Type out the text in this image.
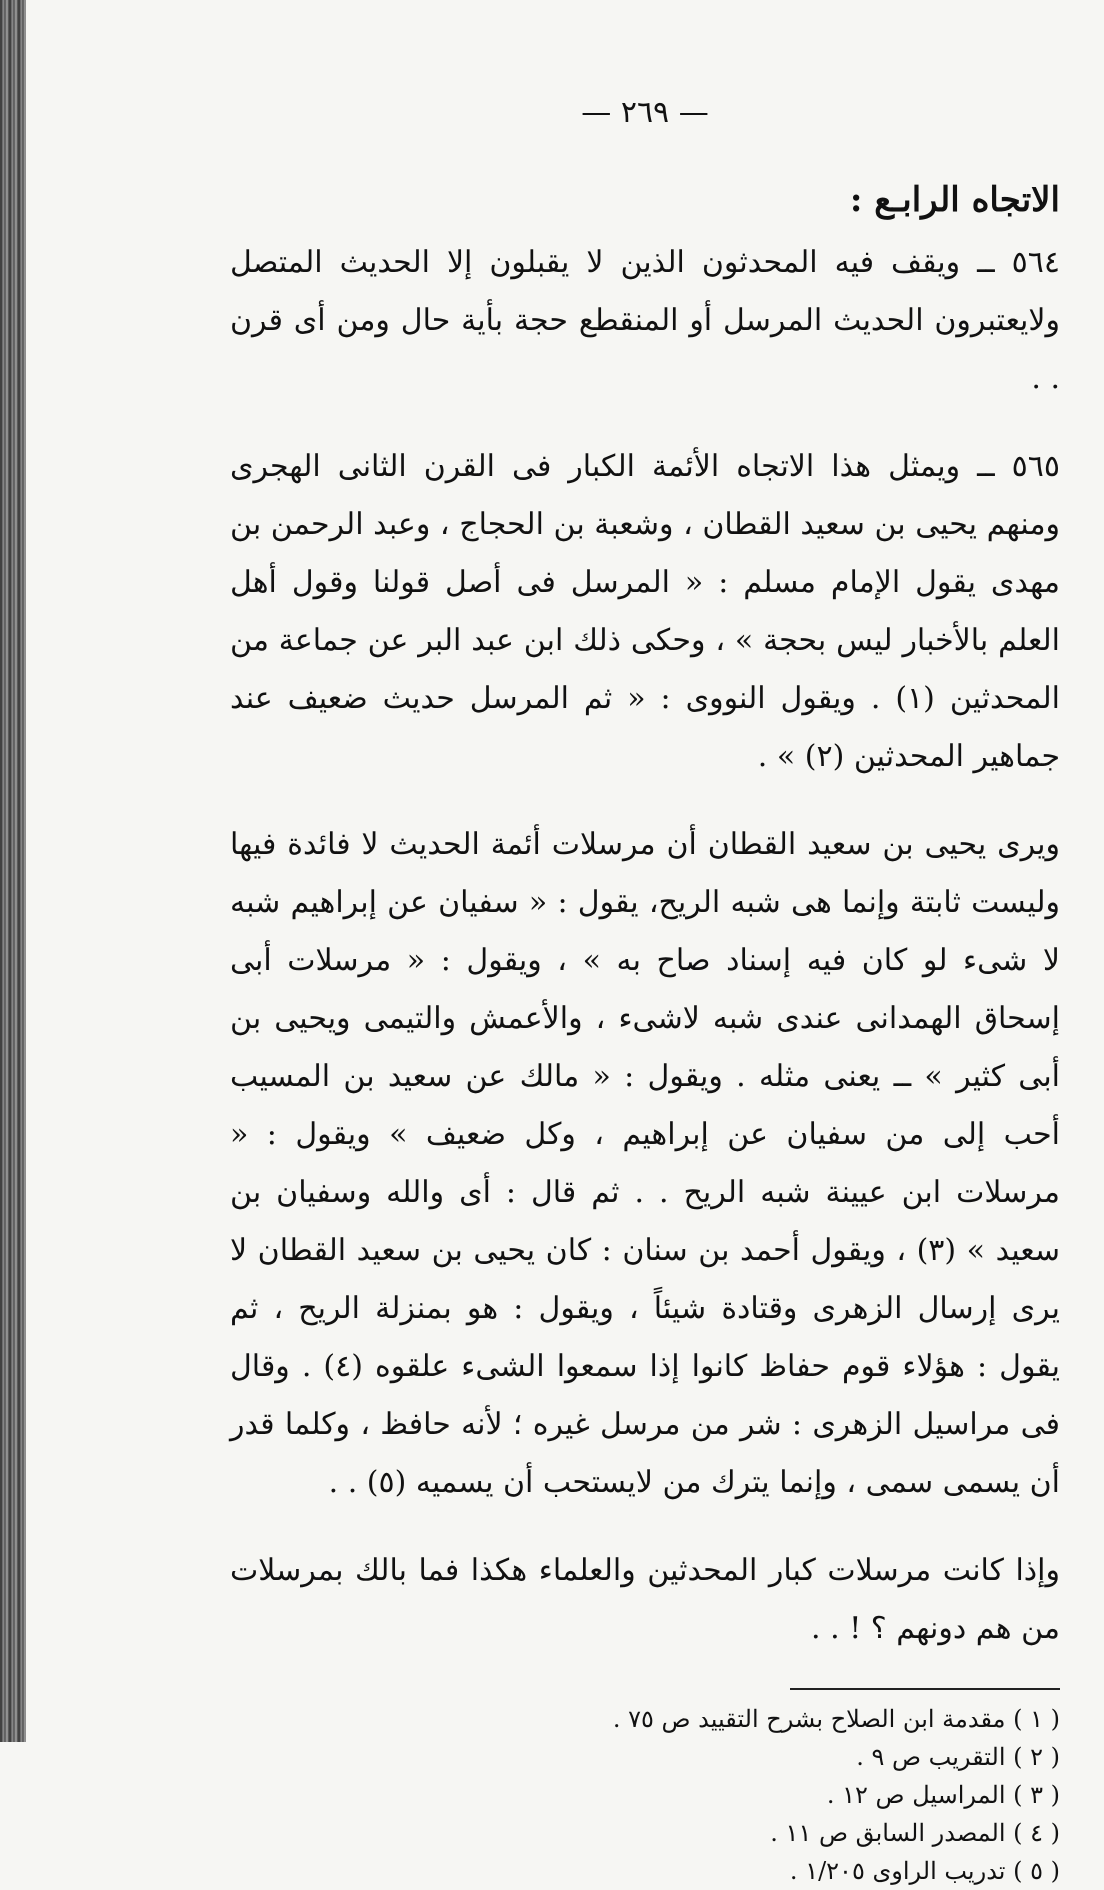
— ٢٦٩ —
الاتجاه الرابـع :

٥٦٤ ــ ويقف فيه المحدثون الذين لا يقبلون إلا الحديث المتصل ولايعتبرون الحديث المرسل أو المنقطع حجة بأية حال ومن أى قرن . .

٥٦٥ ــ ويمثل هذا الاتجاه الأئمة الكبار فى القرن الثانى الهجرى ومنهم يحيى بن سعيد القطان ، وشعبة بن الحجاج ، وعبد الرحمن بن مهدى يقول الإمام مسلم : « المرسل فى أصل قولنا وقول أهل العلم بالأخبار ليس بحجة » ، وحكى ذلك ابن عبد البر عن جماعة من المحدثين (١) . ويقول النووى : « ثم المرسل حديث ضعيف عند جماهير المحدثين (٢) » .

ويرى يحيى بن سعيد القطان أن مرسلات أئمة الحديث لا فائدة فيها وليست ثابتة وإنما هى شبه الريح، يقول : « سفيان عن إبراهيم شبه لا شىء لو كان فيه إسناد صاح به » ، ويقول : « مرسلات أبى إسحاق الهمدانى عندى شبه لاشىء ، والأعمش والتيمى ويحيى بن أبى كثير » ــ يعنى مثله . ويقول : « مالك عن سعيد بن المسيب أحب إلى من سفيان عن إبراهيم ، وكل ضعيف » ويقول : « مرسلات ابن عيينة شبه الريح . . ثم قال : أى والله وسفيان بن سعيد » (٣) ، ويقول أحمد بن سنان : كان يحيى بن سعيد القطان لا يرى إرسال الزهرى وقتادة شيئاً ، ويقول : هو بمنزلة الريح ، ثم يقول : هؤلاء قوم حفاظ كانوا إذا سمعوا الشىء علقوه (٤) . وقال فى مراسيل الزهرى : شر من مرسل غيره ؛ لأنه حافظ ، وكلما قدر أن يسمى سمى ، وإنما يترك من لايستحب أن يسميه (٥) . .

وإذا كانت مرسلات كبار المحدثين والعلماء هكذا فما بالك بمرسلات من هم دونهم ؟ ! . .

( ١ ) مقدمة ابن الصلاح بشرح التقييد ص ٧٥ .
( ٢ ) التقريب ص ٩ .
( ٣ ) المراسيل ص ١٢ .
( ٤ ) المصدر السابق ص ١١ .
( ٥ ) تدريب الراوى ١/٢٠٥ .
